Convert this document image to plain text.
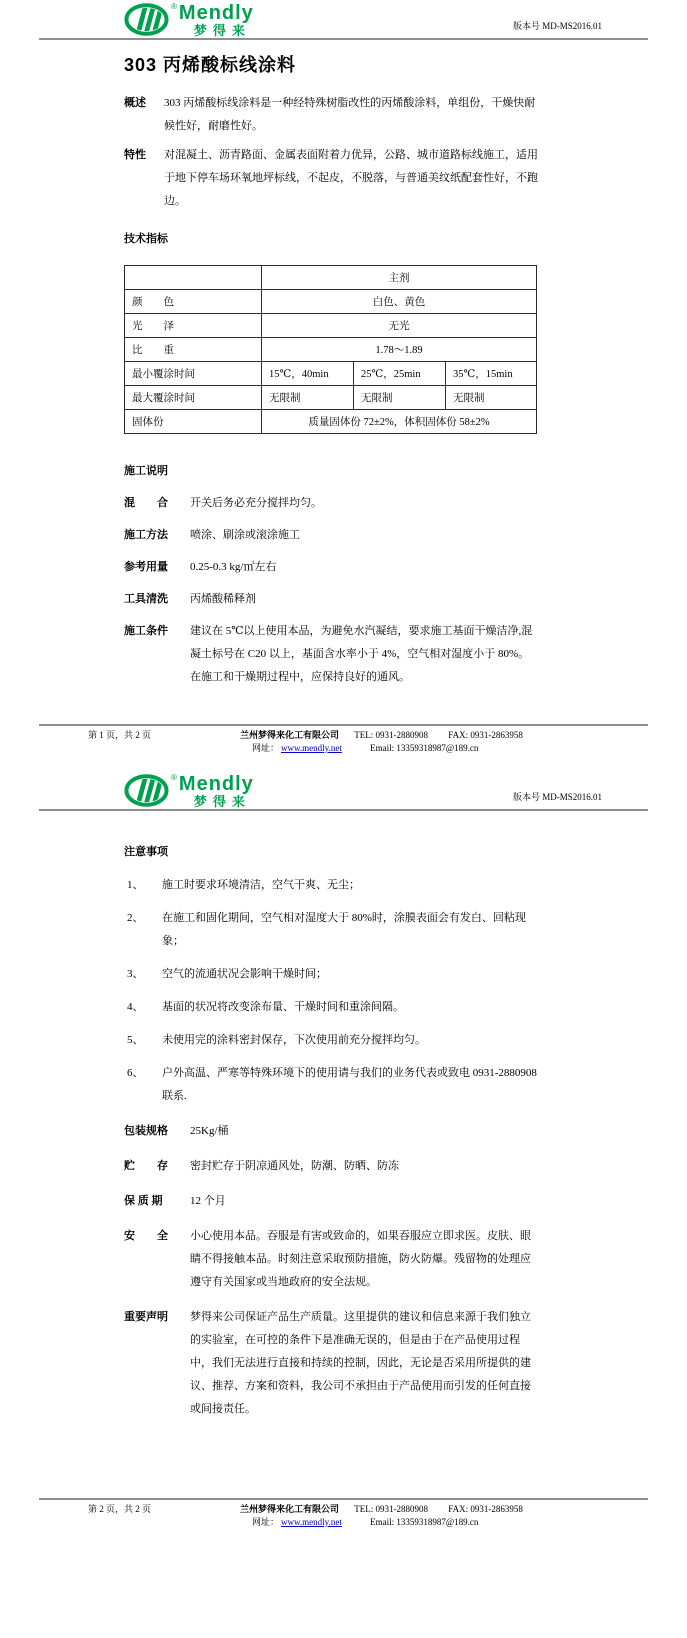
® Mendly
梦得来	版本号 MD-MS2016.01
303 丙烯酸标线涂料
概述	303 丙烯酸标线涂料是一种经特殊树脂改性的丙烯酸涂料，单组份，干燥快耐候性好，耐磨性好。
特性	对混凝土、沥青路面、金属表面附着力优异，公路、城市道路标线施工，适用于地下停车场环氧地坪标线，不起皮，不脱落，与普通美纹纸配套性好，不跑边。
技术指标
	主剂		
颜　　色	白色、黄色		
光　　泽	无光		
比　　重	1.78～1.89		
最小覆涂时间	15℃，40min	25℃，25min	35℃，15min
最大覆涂时间	无限制	无限制	无限制
固体份	质量固体份 72±2%，体积固体份 58±2%		
施工说明
混　　合	开关后务必充分搅拌均匀。
施工方法	喷涂、刷涂或滚涂施工
参考用量	0.25-0.3 kg/㎡左右
工具清洗	丙烯酸稀释剂
施工条件	建议在 5℃以上使用本品，为避免水汽凝结，要求施工基面干燥洁净,混凝土标号在 C20 以上，基面含水率小于 4%，空气相对湿度小于 80%。在施工和干燥期过程中，应保持良好的通风。
第 1 页，共 2 页	兰州梦得来化工有限公司 TEL: 0931-2880908 FAX: 0931-2863958
网址： www.mendly.net	Email: 13359318987@189.cn
® Mendly
梦得来	版本号 MD-MS2016.01
注意事项
1、	施工时要求环境清洁，空气干爽、无尘；
2、	在施工和固化期间，空气相对湿度大于 80%时，涂膜表面会有发白、回粘现象；
3、	空气的流通状况会影响干燥时间；
4、	基面的状况将改变涂布量、干燥时间和重涂间隔。
5、	未使用完的涂料密封保存，下次使用前充分搅拌均匀。
6、	户外高温、严寒等特殊环境下的使用请与我们的业务代表或致电 0931-2880908 联系.
包装规格	25Kg/桶
贮　　存	密封贮存于阴凉通风处，防潮、防晒、防冻
保 质 期	12 个月
安　　全	小心使用本品。吞服是有害或致命的，如果吞服应立即求医。皮肤、眼睛不得接触本品。时刻注意采取预防措施，防火防爆。残留物的处理应遵守有关国家或当地政府的安全法规。
重要声明	梦得来公司保证产品生产质量。这里提供的建议和信息来源于我们独立的实验室，在可控的条件下是准确无误的，但是由于在产品使用过程中，我们无法进行直接和持续的控制，因此，无论是否采用所提供的建议、推荐、方案和资料，我公司不承担由于产品使用而引发的任何直接或间接责任。
第 2 页，共 2 页	兰州梦得来化工有限公司 TEL: 0931-2880908 FAX: 0931-2863958
网址： www.mendly.net	Email: 13359318987@189.cn
